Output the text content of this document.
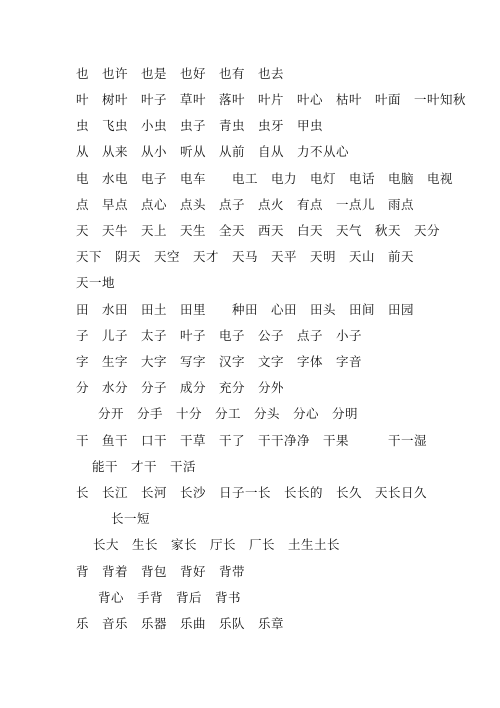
也　也许　也是　也好　也有　也去
叶　树叶　叶子　草叶　落叶　叶片　叶心　枯叶　叶面　一叶知秋
虫　飞虫　小虫　虫子　青虫　虫牙　甲虫
从　从来　从小　听从　从前　自从　力不从心
电　水电　电子　电车　　电工　电力　电灯　电话　电脑　电视
点　早点　点心　点头　点子　点火　有点　一点儿　雨点
天　天牛　天上　天生　全天　西天　白天　天气　秋天　天分
天下　阴天　天空　天才　天马　天平　天明　天山　前天
天一地
田　水田　田土　田里　　种田　心田　田头　田间　田园
子　儿子　太子　叶子　电子　公子　点子　小子
字　生字　大字　写字　汉字　文字　字体　字音
分　水分　分子　成分　充分　分外
分开　分手　十分　分工　分头　分心　分明
干　鱼干　口干　干草　干了　干干净净　干果　　　干一湿
能干　才干　干活
长　长江　长河　长沙　日子一长　长长的　长久　天长日久
长一短
长大　生长　家长　厅长　厂长　土生土长
背　背着　背包　背好　背带
背心　手背　背后　背书
乐　音乐　乐器　乐曲　乐队　乐章
